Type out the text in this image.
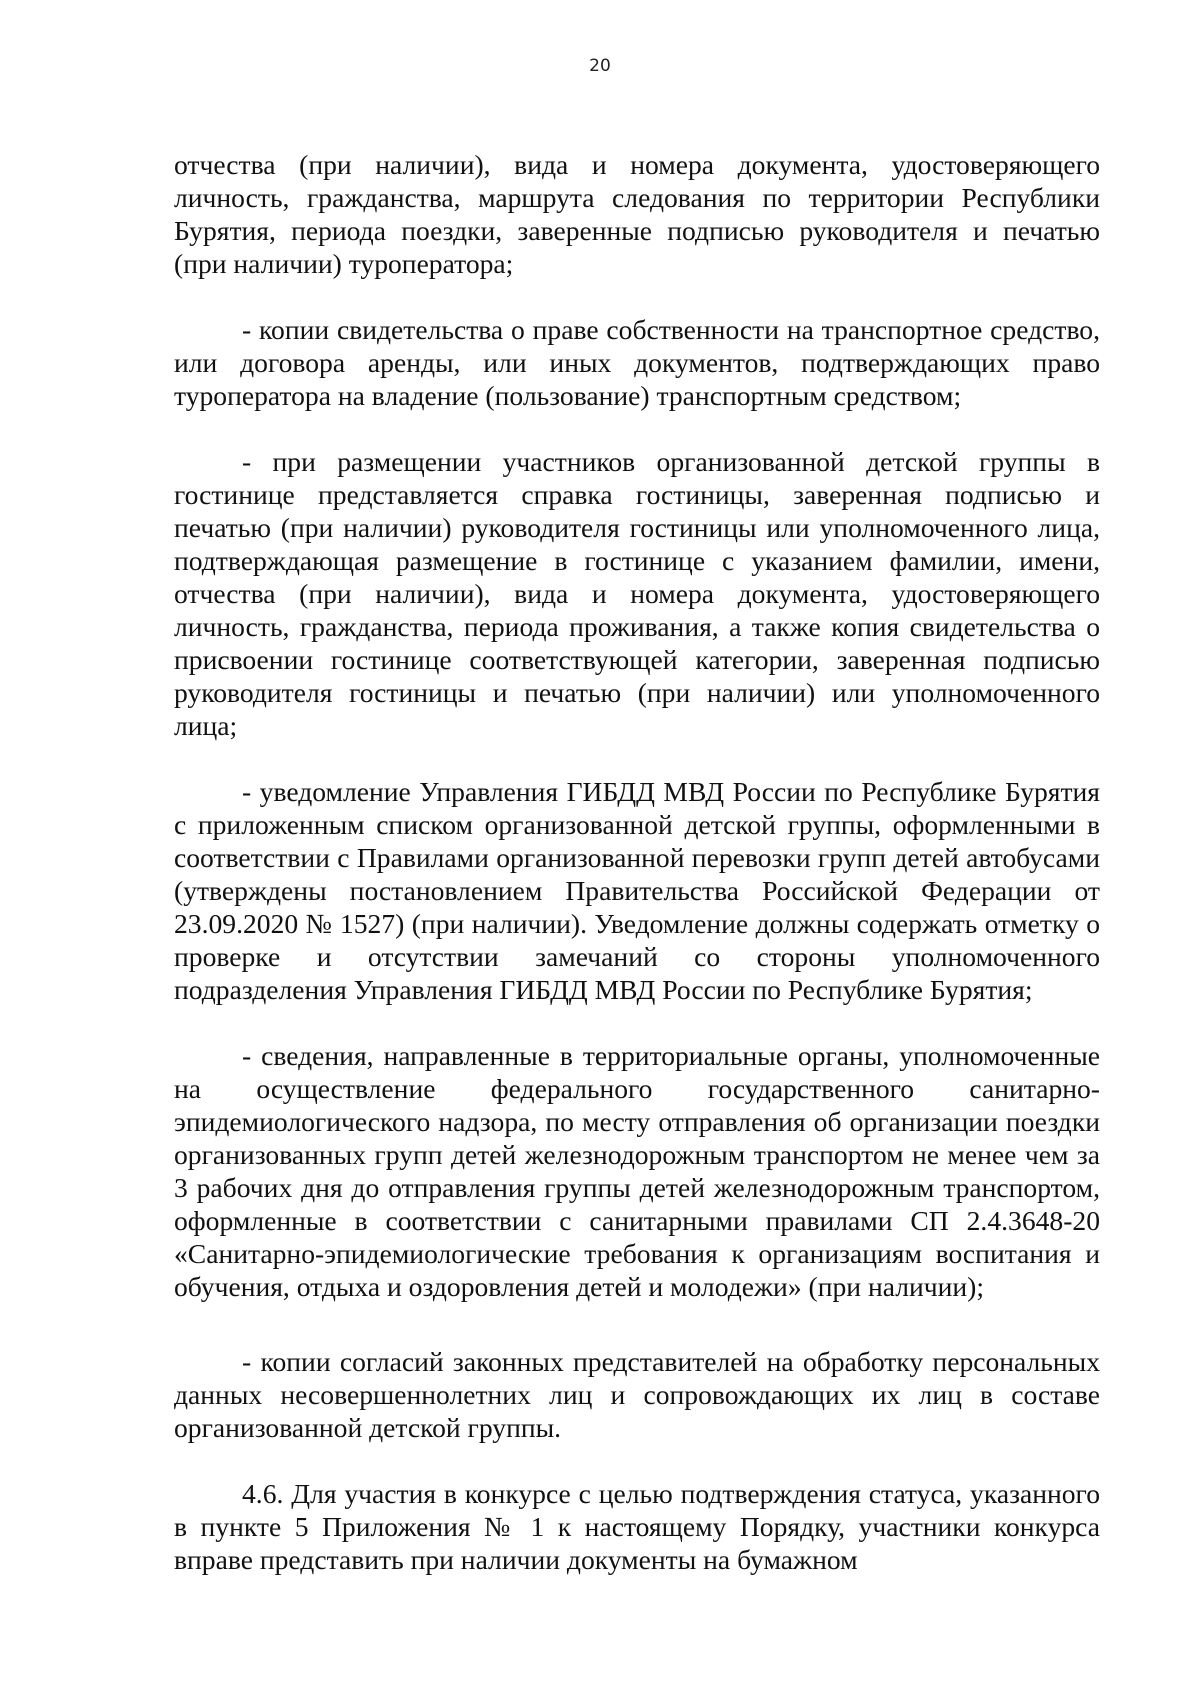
20

отчества (при наличии), вида и номера документа, удостоверяющего личность, гражданства, маршрута следования по территории Республики Бурятия, периода поездки, заверенные подписью руководителя и печатью (при наличии) туроператора;

- копии свидетельства о праве собственности на транспортное средство, или договора аренды, или иных документов, подтверждающих право туроператора на владение (пользование) транспортным средством;

- при размещении участников организованной детской группы в гостинице представляется справка гостиницы, заверенная подписью и печатью (при наличии) руководителя гостиницы или уполномоченного лица, подтверждающая размещение в гостинице с указанием фамилии, имени, отчества (при наличии), вида и номера документа, удостоверяющего личность, гражданства, периода проживания, а также копия свидетельства о присвоении гостинице соответствующей категории, заверенная подписью руководителя гостиницы и печатью (при наличии) или уполномоченного лица;

- уведомление Управления ГИБДД МВД России по Республике Бурятия с приложенным списком организованной детской группы, оформленными в соответствии с Правилами организованной перевозки групп детей автобусами (утверждены постановлением Правительства Российской Федерации от 23.09.2020 № 1527) (при наличии). Уведомление должны содержать отметку о проверке и отсутствии замечаний со стороны уполномоченного подразделения Управления ГИБДД МВД России по Республике Бурятия;

- сведения, направленные в территориальные органы, уполномоченные на осуществление федерального государственного санитарно-эпидемиологического надзора, по месту отправления об организации поездки организованных групп детей железнодорожным транспортом не менее чем за 3 рабочих дня до отправления группы детей железнодорожным транспортом, оформленные в соответствии с санитарными правилами СП 2.4.3648-20 «Санитарно-эпидемиологические требования к организациям воспитания и обучения, отдыха и оздоровления детей и молодежи» (при наличии);

- копии согласий законных представителей на обработку персональных данных несовершеннолетних лиц и сопровождающих их лиц в составе организованной детской группы.

4.6. Для участия в конкурсе с целью подтверждения статуса, указанного в пункте 5 Приложения № 1 к настоящему Порядку, участники конкурса вправе представить при наличии документы на бумажном
